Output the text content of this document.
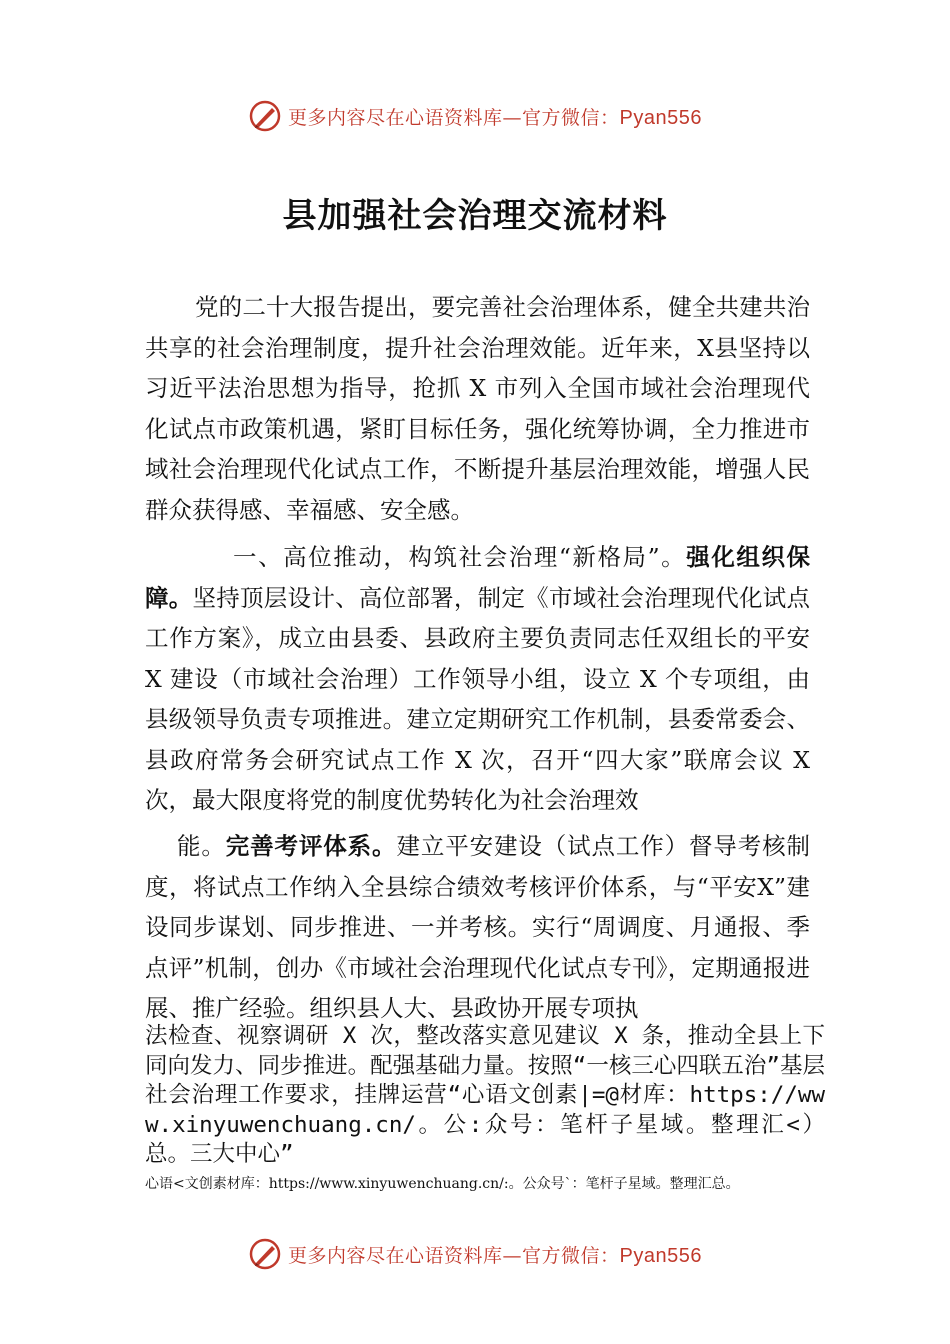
更多内容尽在心语资料库—官方微信：Pyan556
县加强社会治理交流材料

党的二十大报告提出，要完善社会治理体系，健全共建共治共享的社会治理制度，提升社会治理效能。近年来，X县坚持以习近平法治思想为指导，抢抓 X 市列入全国市域社会治理现代化试点市政策机遇，紧盯目标任务，强化统筹协调，全力推进市域社会治理现代化试点工作，不断提升基层治理效能，增强人民群众获得感、幸福感、安全感。

一、高位推动，构筑社会治理“新格局”。强化组织保障。坚持顶层设计、高位部署，制定《市域社会治理现代化试点工作方案》，成立由县委、县政府主要负责同志任双组长的平安 X 建设（市域社会治理）工作领导小组，设立 X 个专项组，由县级领导负责专项推进。建立定期研究工作机制，县委常委会、县政府常务会研究试点工作 X 次，召开“四大家”联席会议 X 次，最大限度将党的制度优势转化为社会治理效

能。完善考评体系。建立平安建设（试点工作）督导考核制度，将试点工作纳入全县综合绩效考核评价体系，与“平安X”建设同步谋划、同步推进、一并考核。实行“周调度、月通报、季点评”机制，创办《市域社会治理现代化试点专刊》，定期通报进展、推广经验。组织县人大、县政协开展专项执

法检查、视察调研 X 次，整改落实意见建议 X 条，推动全县上下同向发力、同步推进。配强基础力量。按照“一核三心四联五治”基层社会治理工作要求，挂牌运营“心语文创素|=@材库：https://www.xinyuwenchuang.cn/。公:众号：笔杆子星域。整理汇<）总。三大中心”

心语<文创素材库：https://www.xinyuwenchuang.cn/:。公众号`：笔杆子星域。整理汇总。

更多内容尽在心语资料库—官方微信：Pyan556
